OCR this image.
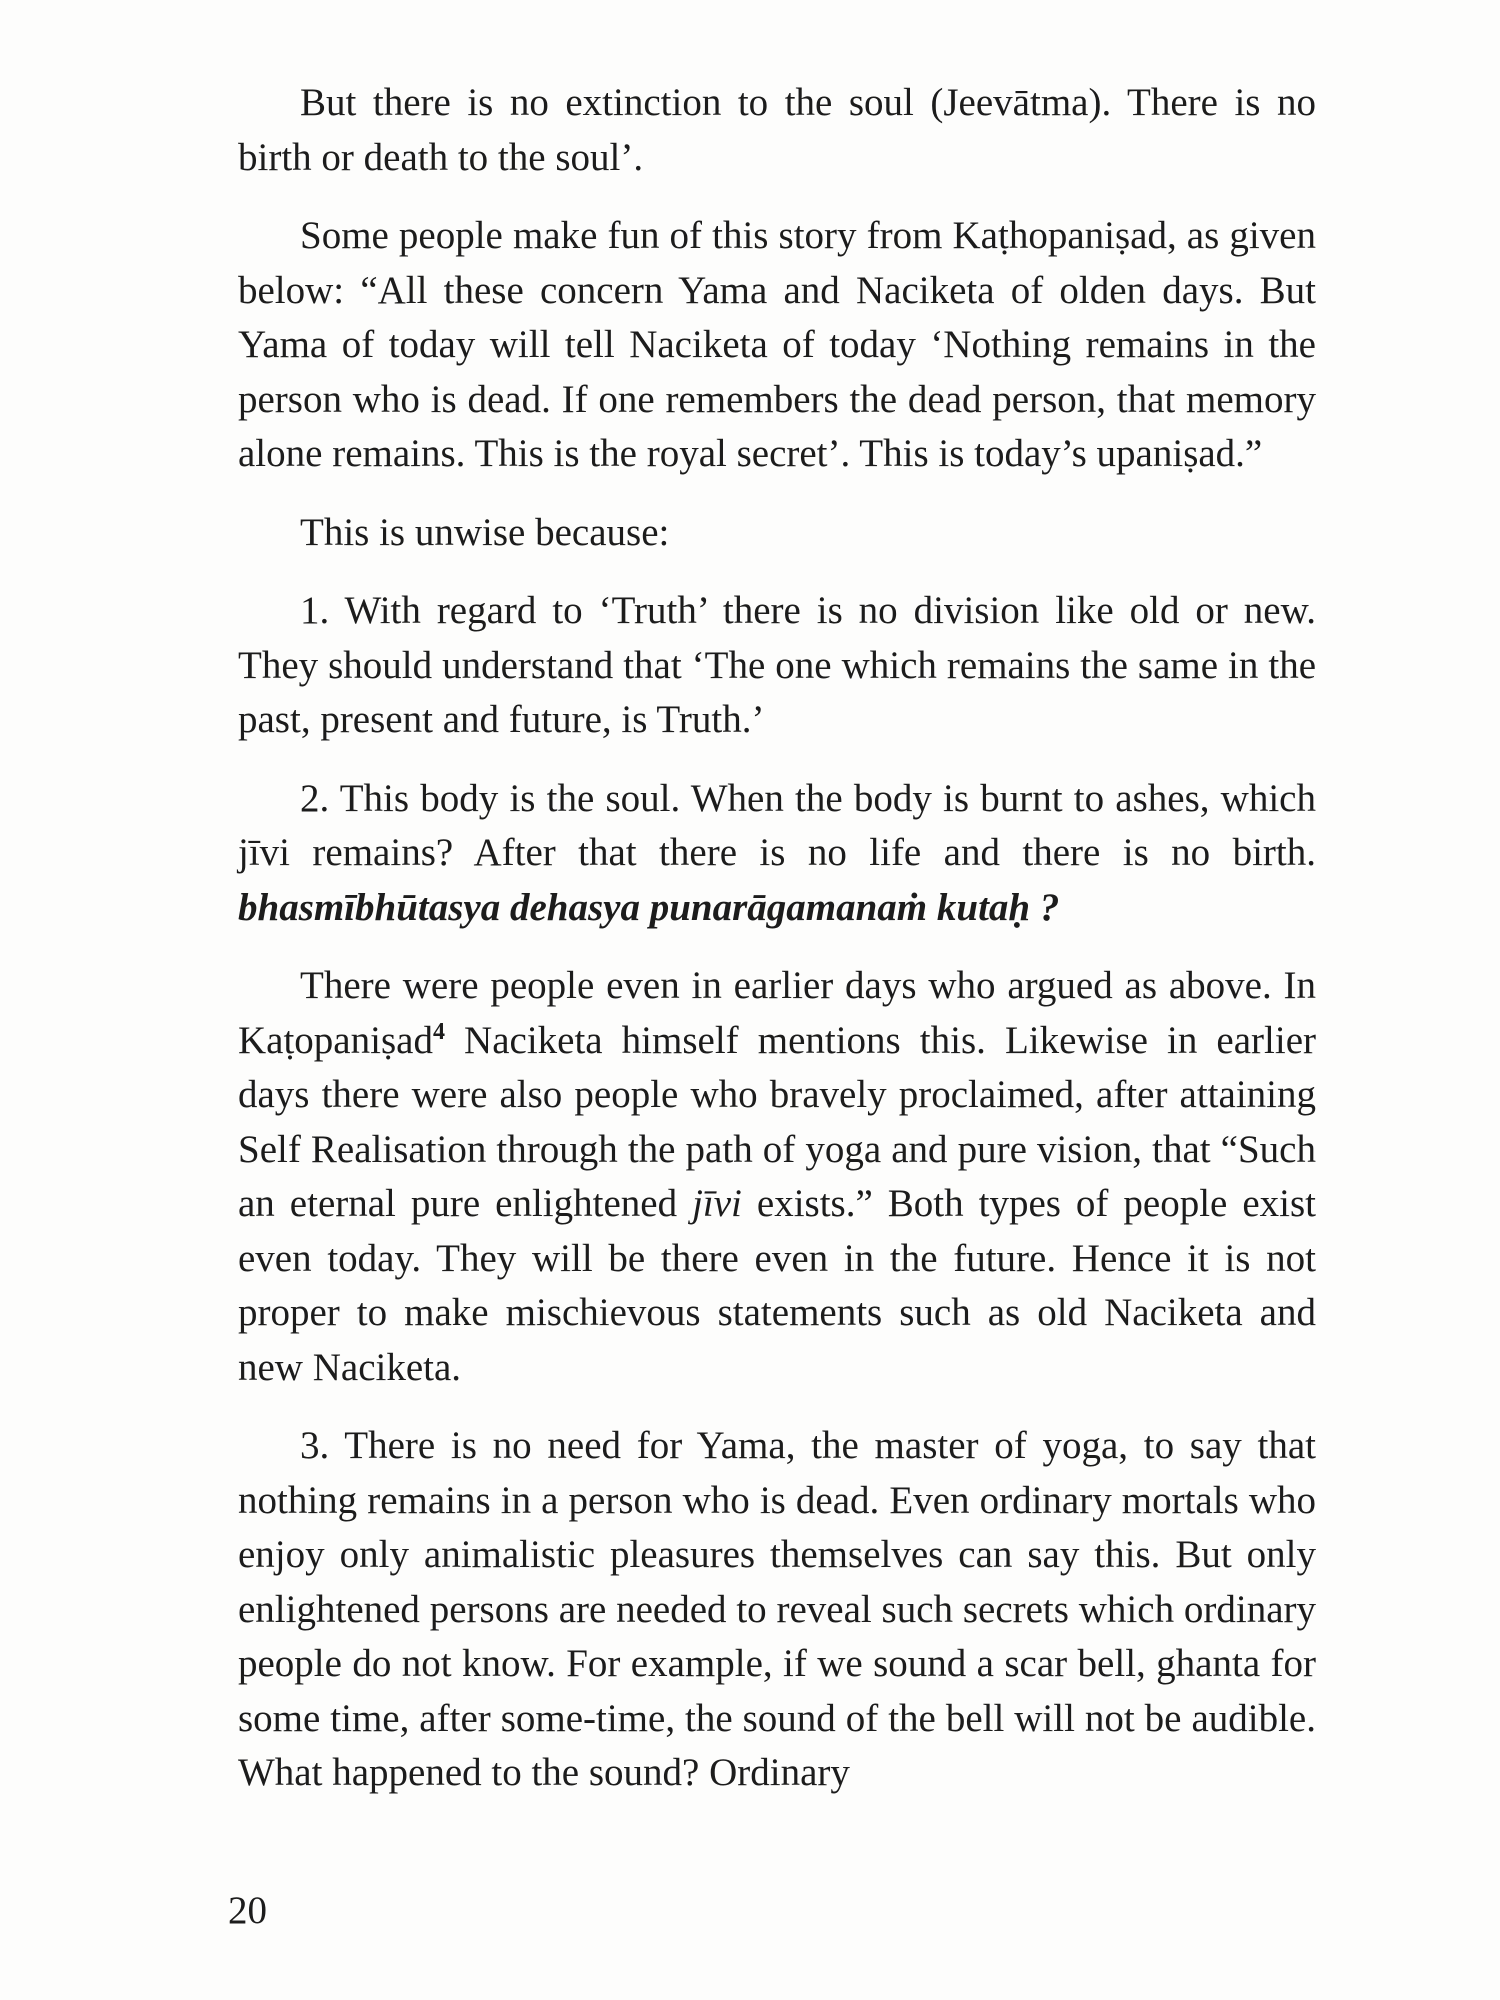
But there is no extinction to the soul (Jeevātma). There is no birth or death to the soul’.

Some people make fun of this story from Kaṭhopaniṣad, as given below: “All these concern Yama and Naciketa of olden days. But Yama of today will tell Naciketa of today ‘Nothing remains in the person who is dead. If one remembers the dead person, that memory alone remains. This is the royal secret’. This is today’s upaniṣad.”

This is unwise because:

1. With regard to ‘Truth’ there is no division like old or new. They should understand that ‘The one which remains the same in the past, present and future, is Truth.’

2. This body is the soul. When the body is burnt to ashes, which jīvi remains? After that there is no life and there is no birth. bhasmībhūtasya dehasya punarāgamanaṁ kutaḥ ?

There were people even in earlier days who argued as above. In Kaṭopaniṣad$^4$ Naciketa himself mentions this. Likewise in earlier days there were also people who bravely proclaimed, after attaining Self Realisation through the path of yoga and pure vision, that “Such an eternal pure enlightened jīvi exists.” Both types of people exist even today. They will be there even in the future. Hence it is not proper to make mischievous statements such as old Naciketa and new Naciketa.

3. There is no need for Yama, the master of yoga, to say that nothing remains in a person who is dead. Even ordinary mortals who enjoy only animalistic pleasures themselves can say this. But only enlightened persons are needed to reveal such secrets which ordinary people do not know. For example, if we sound a scar bell, ghanta for some time, after some-time, the sound of the bell will not be audible. What happened to the sound? Ordinary

20
